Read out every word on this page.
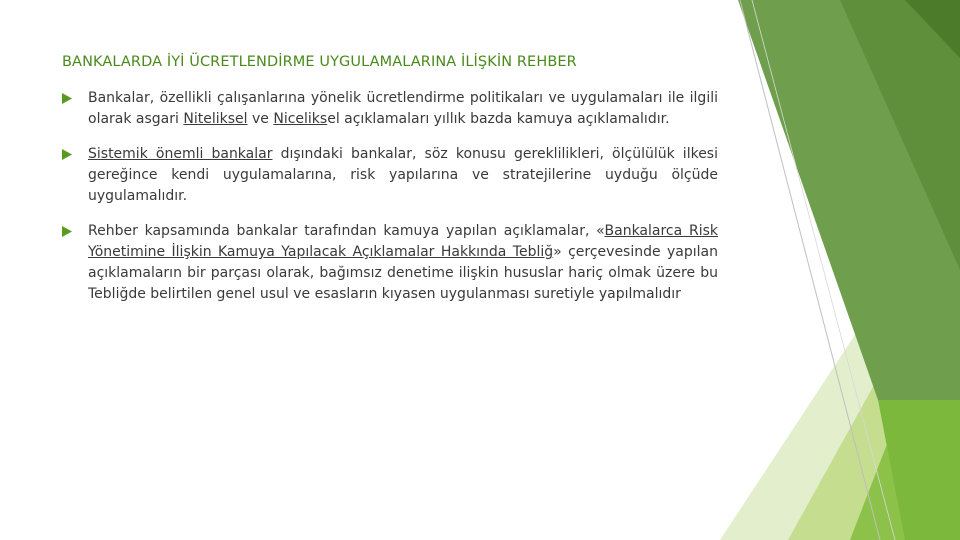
BANKALARDA İYİ ÜCRETLENDİRME UYGULAMALARINA İLİŞKİN REHBER
Bankalar, özellikli çalışanlarına yönelik ücretlendirme politikaları ve uygulamaları ile ilgili olarak asgari Niteliksel ve Niceliksel açıklamaları yıllık bazda kamuya açıklamalıdır.
Sistemik önemli bankalar dışındaki bankalar, söz konusu gereklilikleri, ölçülülük ilkesi gereğince kendi uygulamalarına, risk yapılarına ve stratejilerine uyduğu ölçüde uygulamalıdır.
Rehber kapsamında bankalar tarafından kamuya yapılan açıklamalar, «Bankalarca Risk Yönetimine İlişkin Kamuya Yapılacak Açıklamalar Hakkında Tebliğ» çerçevesinde yapılan açıklamaların bir parçası olarak, bağımsız denetime ilişkin hususlar hariç olmak üzere bu Tebliğde belirtilen genel usul ve esasların kıyasen uygulanması suretiyle yapılmalıdır
